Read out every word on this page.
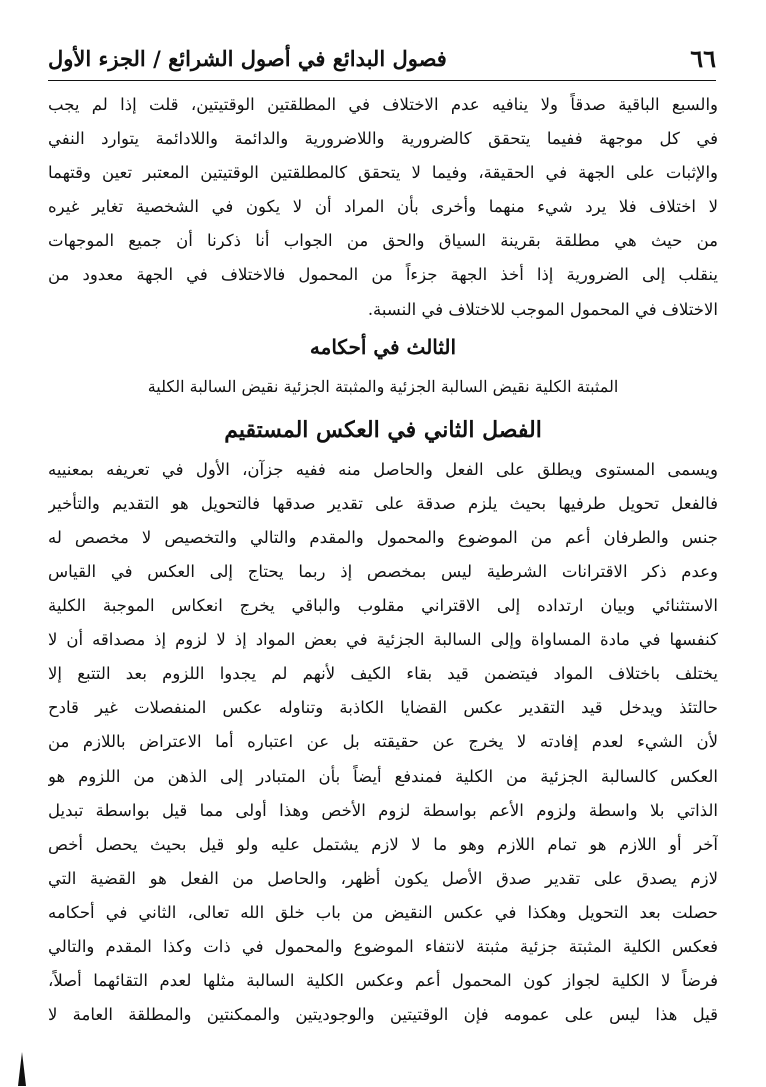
٦٦
فصول البدائع في أصول الشرائع / الجزء الأول
والسبع الباقية صدقاً ولا ينافيه عدم الاختلاف في المطلقتين الوقتيتين، قلت إذا لم يجب
في كل موجهة ففيما يتحقق كالضرورية واللاضرورية والدائمة واللادائمة يتوارد النفي
والإثبات على الجهة في الحقيقة، وفيما لا يتحقق كالمطلقتين الوقتيتين المعتبر تعين وقتهما
لا اختلاف فلا يرد شيء منهما وأخرى بأن المراد أن لا يكون في الشخصية تغاير غيره
من حيث هي مطلقة بقرينة السياق والحق من الجواب أنا ذكرنا أن جميع الموجهات
ينقلب إلى الضرورية إذا أخذ الجهة جزءاً من المحمول فالاختلاف في الجهة معدود من
الاختلاف في المحمول الموجب للاختلاف في النسبة.
الثالث في أحكامه
المثبتة الكلية نقيض السالبة الجزئية والمثبتة الجزئية نقيض السالبة الكلية
الفصل الثاني في العكس المستقيم
ويسمى المستوى ويطلق على الفعل والحاصل منه ففيه جزآن، الأول في تعريفه بمعنييه
فالفعل تحويل طرفيها بحيث يلزم صدقة على تقدير صدقها فالتحويل هو التقديم والتأخير
جنس والطرفان أعم من الموضوع والمحمول والمقدم والتالي والتخصيص لا مخصص له
وعدم ذكر الاقترانات الشرطية ليس بمخصص إذ ربما يحتاج إلى العكس في القياس
الاستثنائي وبيان ارتداده إلى الاقتراني مقلوب والباقي يخرج انعكاس الموجبة الكلية
كنفسها في مادة المساواة وإلى السالبة الجزئية في بعض المواد إذ لا لزوم إذ مصداقه أن لا
يختلف باختلاف المواد فيتضمن قيد بقاء الكيف لأنهم لم يجدوا اللزوم بعد التتبع إلا
حالتئذ ويدخل قيد التقدير عكس القضايا الكاذبة وتناوله عكس المنفصلات غير قادح
لأن الشيء لعدم إفادته لا يخرج عن حقيقته بل عن اعتباره أما الاعتراض باللازم من
العكس كالسالبة الجزئية من الكلية فمندفع أيضاً بأن المتبادر إلى الذهن من اللزوم هو
الذاتي بلا واسطة ولزوم الأعم بواسطة لزوم الأخص وهذا أولى مما قيل بواسطة تبديل
آخر أو اللازم هو تمام اللازم وهو ما لا لازم يشتمل عليه ولو قيل بحيث يحصل أخص
لازم يصدق على تقدير صدق الأصل يكون أظهر، والحاصل من الفعل هو القضية التي
حصلت بعد التحويل وهكذا في عكس النقيض من باب خلق الله تعالى، الثاني في أحكامه
فعكس الكلية المثبتة جزئية مثبتة لانتفاء الموضوع والمحمول في ذات وكذا المقدم والتالي
فرضاً لا الكلية لجواز كون المحمول أعم وعكس الكلية السالبة مثلها لعدم التقائهما أصلاً،
قيل هذا ليس على عمومه فإن الوقتيتين والوجوديتين والممكنتين والمطلقة العامة لا
